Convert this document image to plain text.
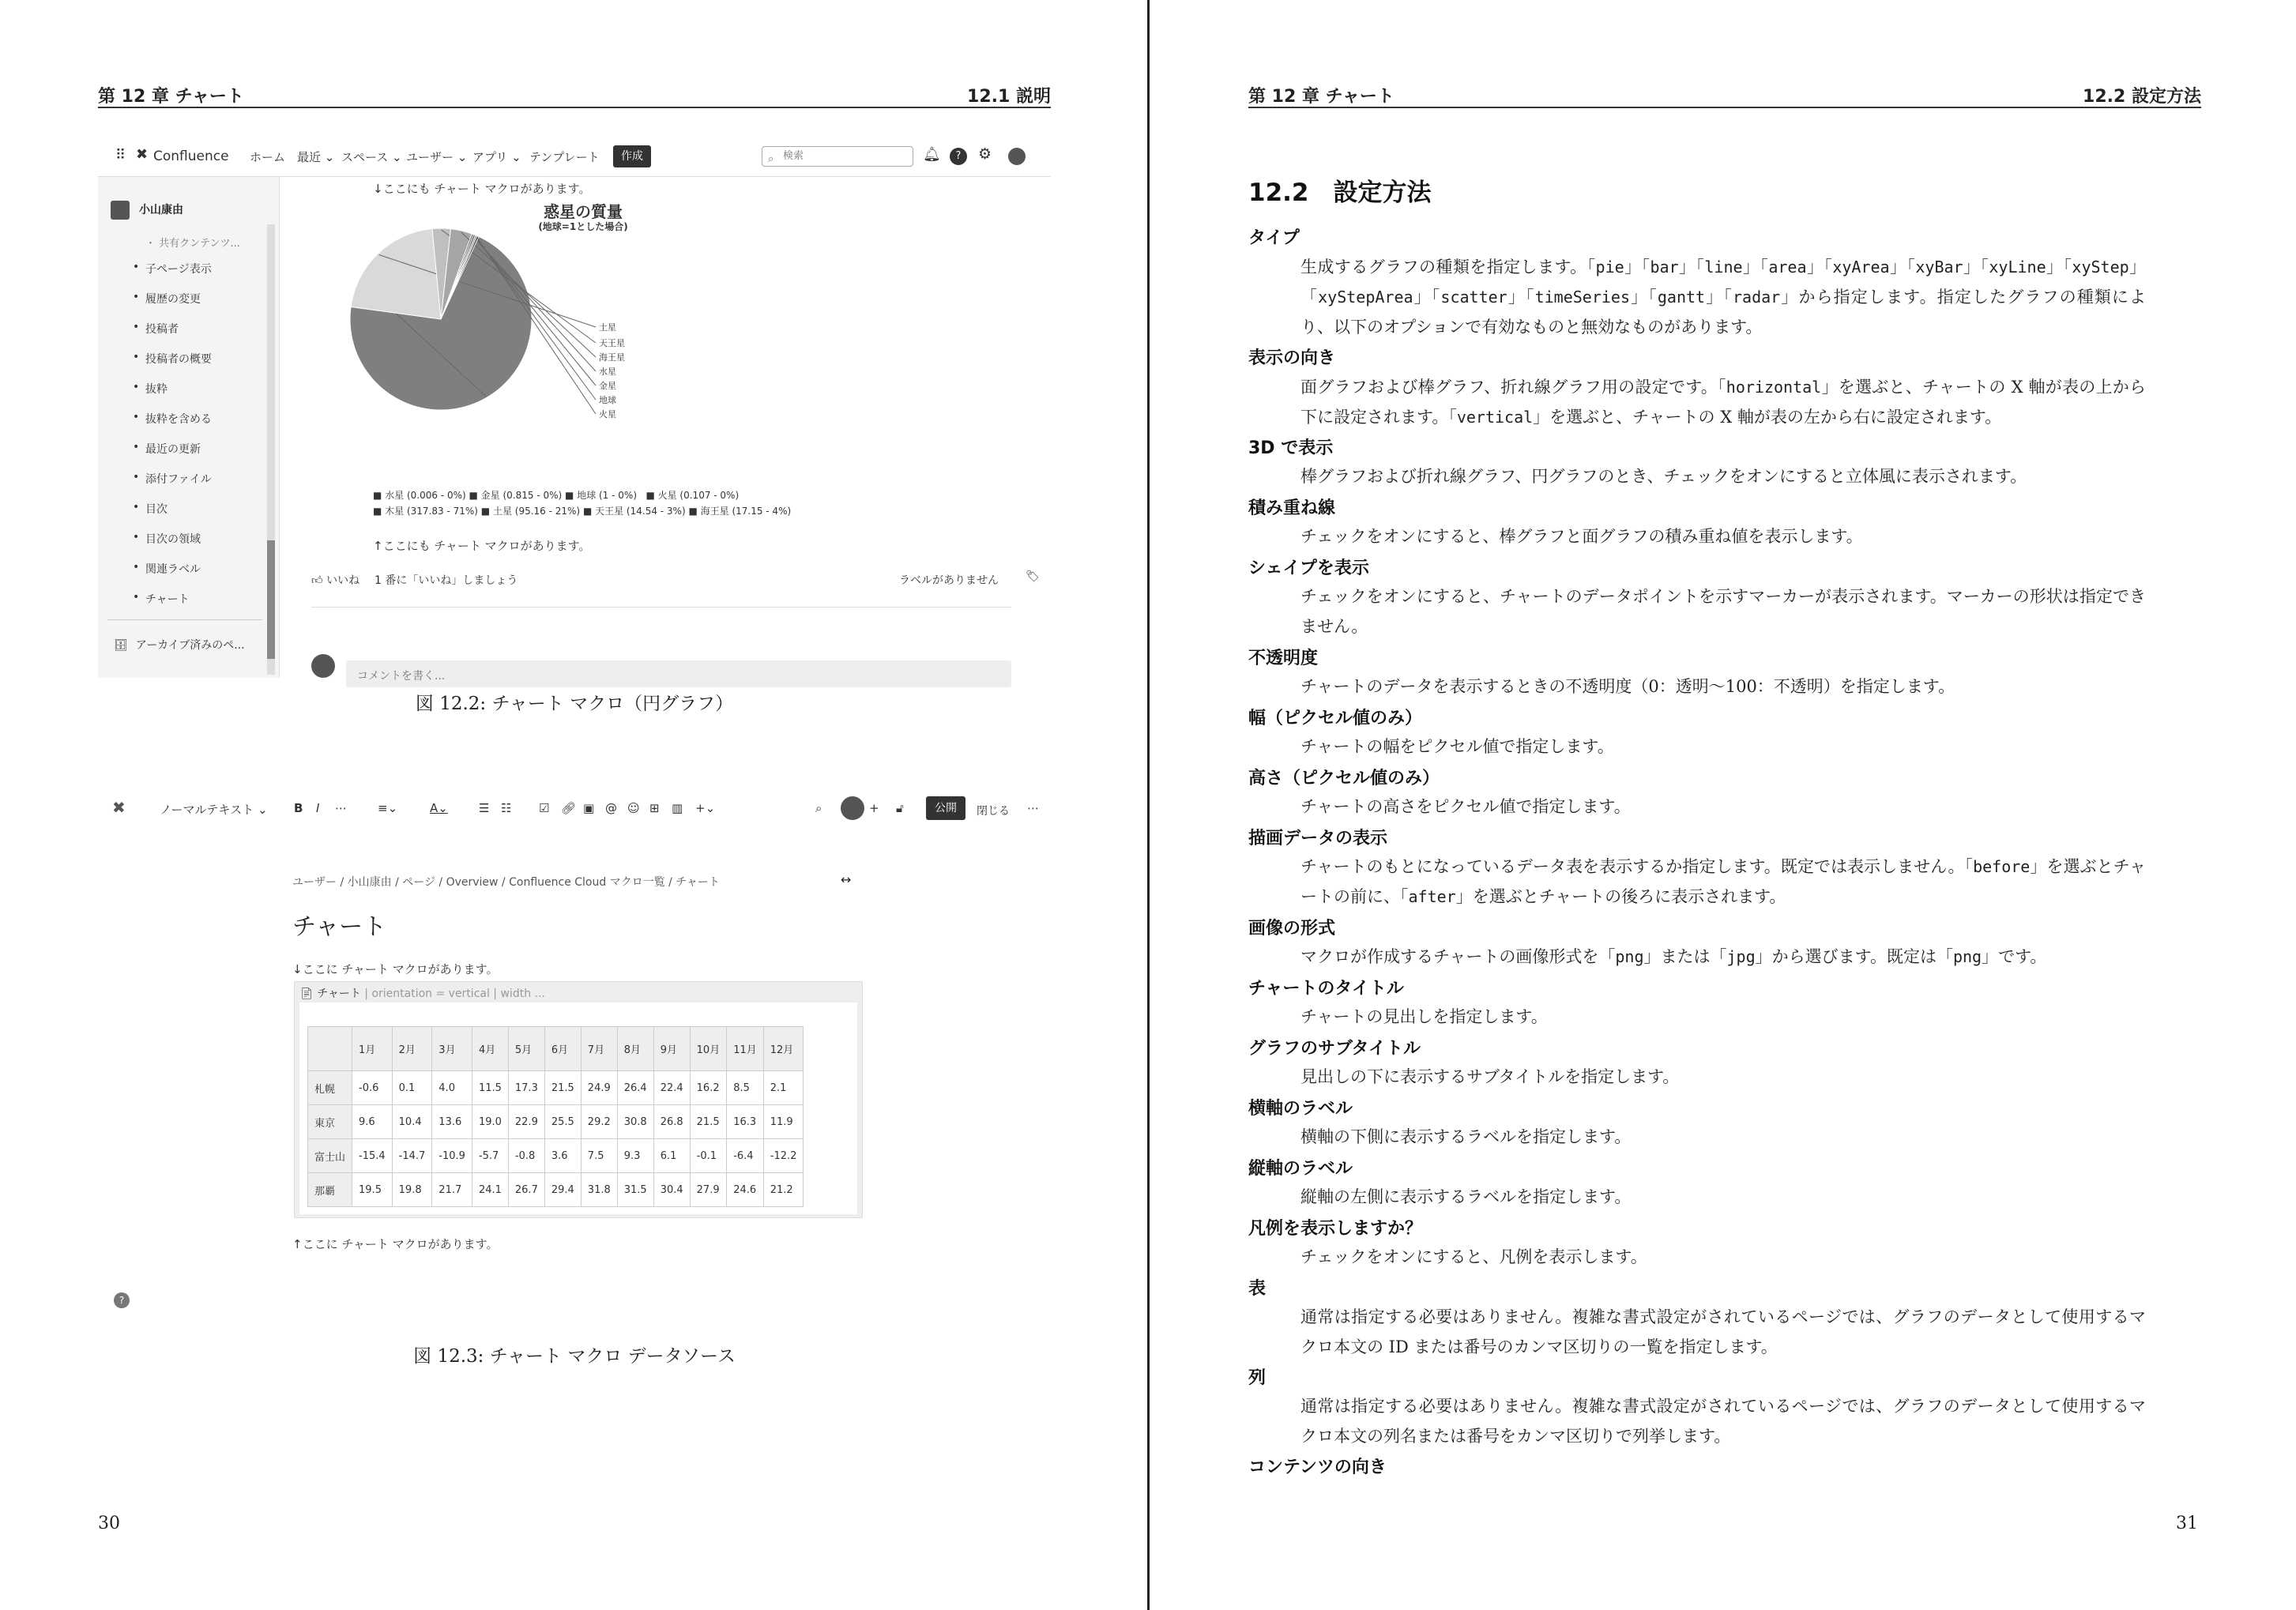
第 12 章 チャート	12.1 説明
⠿ ✖ Confluence ホーム 最近 ⌄ スペース ⌄ ユーザー ⌄ アプリ ⌄ テンプレート	作成	⌕ 検索	🔔︎	?	⚙
小山康由
・ 共有クンテンツ...
• 子ページ表示
• 履歴の変更
• 投稿者
• 投稿者の概要
• 抜粋
• 抜粋を含める
• 最近の更新
• 添付ファイル
• 目次
• 目次の領域
• 関連ラベル
• チャート
🗄︎ アーカイブ済みのペ...
↓ここにも チャート マクロがあります。
惑星の質量
(地球=1とした場合)
土星
天王星
海王星
水星
金星
地球
火星
■ 水星 (0.006 - 0%) ■ 金星 (0.815 - 0%) ■ 地球 (1 - 0%) ■ 火星 (0.107 - 0%)
■ 木星 (317.83 - 71%) ■ 土星 (95.16 - 21%) ■ 天王星 (14.54 - 3%) ■ 海王星 (17.15 - 4%)
↑ここにも チャート マクロがあります。
👍︎ いいね 1 番に「いいね」しましょう	ラベルがありません 🏷︎
コメントを書く...
図 12.2: チャート マクロ（円グラフ）
✖	ノーマルテキスト ⌄ B I ⋯	≡⌄	A⌄	☰ ☷ ☑ 🔗︎ ▣ @ ☺ ⊞ ▥ +⌄	⌕	+ 🔓︎	公開	閉じる ⋯
ユーザー / 小山康由 / ページ / Overview / Confluence Cloud マクロ一覧 / チャート	↔
チャート
↓ここに チャート マクロがあります。
📄︎ チャート | orientation = vertical | width ...
	1月	2月	3月	4月	5月	6月	7月	8月	9月	10月	11月	12月
札幌	-0.6	0.1	4.0	11.5	17.3	21.5	24.9	26.4	22.4	16.2	8.5	2.1
東京	9.6	10.4	13.6	19.0	22.9	25.5	29.2	30.8	26.8	21.5	16.3	11.9
富士山	-15.4	-14.7	-10.9	-5.7	-0.8	3.6	7.5	9.3	6.1	-0.1	-6.4	-12.2
那覇	19.5	19.8	21.7	24.1	26.7	29.4	31.8	31.5	30.4	27.9	24.6	21.2
↑ここに チャート マクロがあります。
?
図 12.3: チャート マクロ データソース
30
第 12 章 チャート	12.2 設定方法
12.2　設定方法
タイプ
生成するグラフの種類を指定します。「pie」「bar」「line」「area」「xyArea」「xyBar」「xyLine」「xyStep」「xyStepArea」「scatter」「timeSeries」「gantt」「radar」から指定します。指定したグラフの種類により、以下のオプションで有効なものと無効なものがあります。
表示の向き
面グラフおよび棒グラフ、折れ線グラフ用の設定です。「horizontal」を選ぶと、チャートの X 軸が表の上から下に設定されます。「vertical」を選ぶと、チャートの X 軸が表の左から右に設定されます。
3D で表示
棒グラフおよび折れ線グラフ、円グラフのとき、チェックをオンにすると立体風に表示されます。
積み重ね線
チェックをオンにすると、棒グラフと面グラフの積み重ね値を表示します。
シェイプを表示
チェックをオンにすると、チャートのデータポイントを示すマーカーが表示されます。マーカーの形状は指定できません。
不透明度
チャートのデータを表示するときの不透明度（0：透明〜100：不透明）を指定します。
幅（ピクセル値のみ）
チャートの幅をピクセル値で指定します。
高さ（ピクセル値のみ）
チャートの高さをピクセル値で指定します。
描画データの表示
チャートのもとになっているデータ表を表示するか指定します。既定では表示しません。「before」を選ぶとチャートの前に、「after」を選ぶとチャートの後ろに表示されます。
画像の形式
マクロが作成するチャートの画像形式を「png」または「jpg」から選びます。既定は「png」です。
チャートのタイトル
チャートの見出しを指定します。
グラフのサブタイトル
見出しの下に表示するサブタイトルを指定します。
横軸のラベル
横軸の下側に表示するラベルを指定します。
縦軸のラベル
縦軸の左側に表示するラベルを指定します。
凡例を表示しますか？
チェックをオンにすると、凡例を表示します。
表
通常は指定する必要はありません。複雑な書式設定がされているページでは、グラフのデータとして使用するマクロ本文の ID または番号のカンマ区切りの一覧を指定します。
列
通常は指定する必要はありません。複雑な書式設定がされているページでは、グラフのデータとして使用するマクロ本文の列名または番号をカンマ区切りで列挙します。
コンテンツの向き
31
